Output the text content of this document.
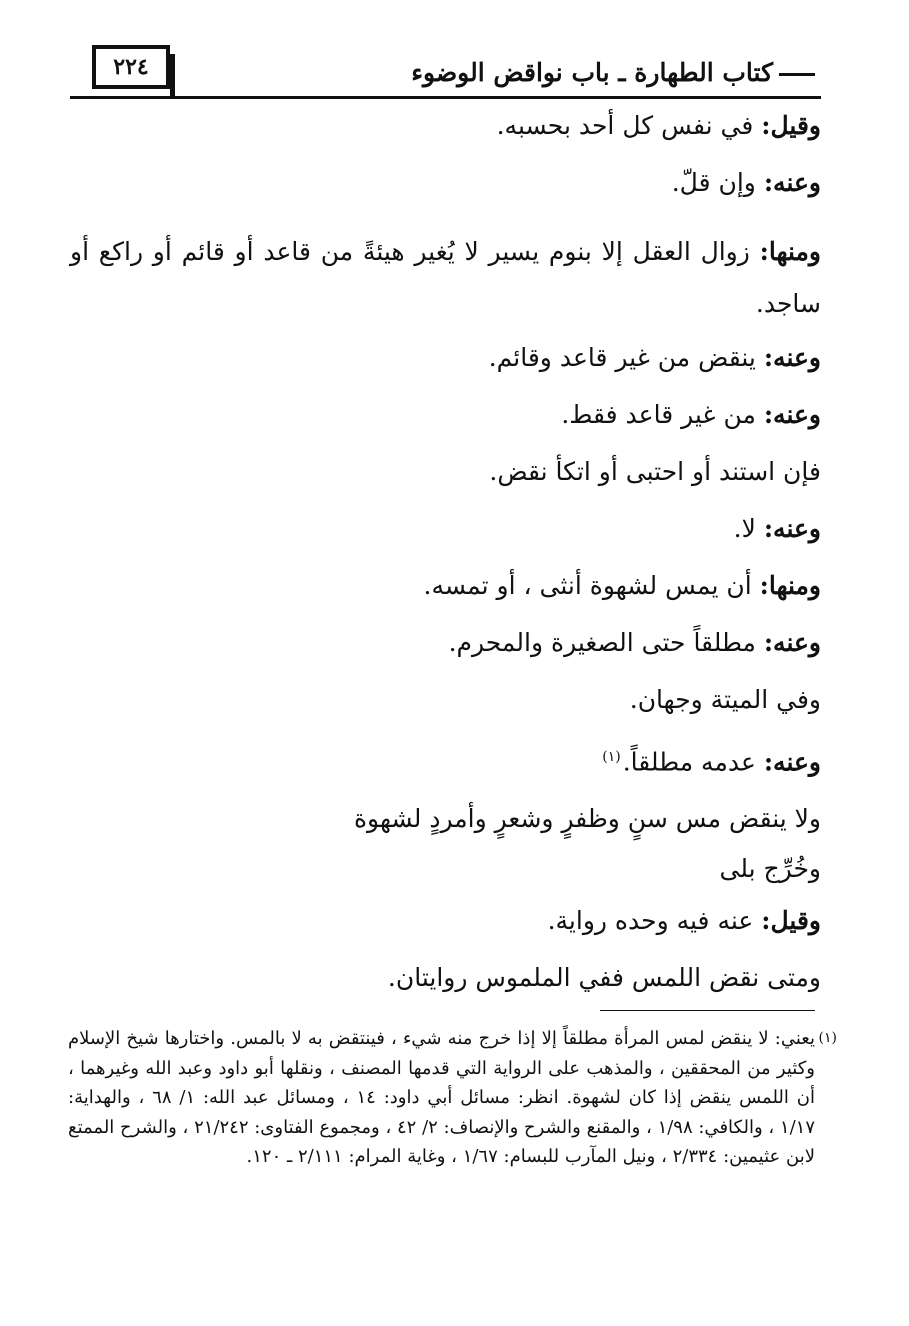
٢٢٤	كتاب الطهارة ـ باب نواقض الوضوء

وقيل: في نفس كل أحد بحسبه.

وعنه: وإن قلّ.

ومنها: زوال العقل إلا بنوم يسير لا يُغير هيئةً من قاعد أو قائم أو راكع أو ساجد.

وعنه: ينقض من غير قاعد وقائم.

وعنه: من غير قاعد فقط.

فإن استند أو احتبى أو اتكأ نقض.

وعنه: لا.

ومنها: أن يمس لشهوة أنثى ، أو تمسه.

وعنه: مطلقاً حتى الصغيرة والمحرم.

وفي الميتة وجهان.

وعنه: عدمه مطلقاً.$^{(١)}$

ولا ينقض مس سنٍ وظفرٍ وشعرٍ وأمردٍ لشهوة
وخُرِّج بلى

وقيل: عنه فيه وحده رواية.

ومتى نقض اللمس ففي الملموس روايتان.

(١)
يعني: لا ينقض لمس المرأة مطلقاً إلا إذا خرج منه شيء ، فينتقض به لا بالمس. واختارها شيخ الإسلام وكثير من المحققين ، والمذهب على الرواية التي قدمها المصنف ، ونقلها أبو داود وعبد الله وغيرهما ، أن اللمس ينقض إذا كان لشهوة. انظر: مسائل أبي داود: ١٤ ، ومسائل عبد الله: ١/ ٦٨ ، والهداية: ١/١٧ ، والكافي: ١/٩٨ ، والمقنع والشرح والإنصاف: ٢/ ٤٢ ، ومجموع الفتاوى: ٢١/٢٤٢ ، والشرح الممتع لابن عثيمين: ٢/٣٣٤ ، ونيل المآرب للبسام: ١/٦٧ ، وغاية المرام: ٢/١١١ ـ ١٢٠.
